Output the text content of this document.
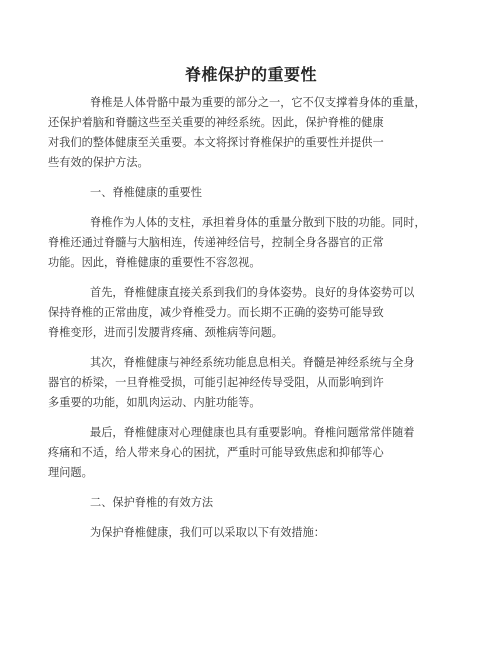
脊椎保护的重要性
脊椎是人体骨骼中最为重要的部分之一，它不仅支撑着身体的重量，
还保护着脑和脊髓这些至关重要的神经系统。因此，保护脊椎的健康
对我们的整体健康至关重要。本文将探讨脊椎保护的重要性并提供一
些有效的保护方法。
一、脊椎健康的重要性
脊椎作为人体的支柱，承担着身体的重量分散到下肢的功能。同时，
脊椎还通过脊髓与大脑相连，传递神经信号，控制全身各器官的正常
功能。因此，脊椎健康的重要性不容忽视。
首先，脊椎健康直接关系到我们的身体姿势。良好的身体姿势可以
保持脊椎的正常曲度，减少脊椎受力。而长期不正确的姿势可能导致
脊椎变形，进而引发腰背疼痛、颈椎病等问题。
其次，脊椎健康与神经系统功能息息相关。脊髓是神经系统与全身
器官的桥梁，一旦脊椎受损，可能引起神经传导受阻，从而影响到许
多重要的功能，如肌肉运动、内脏功能等。
最后，脊椎健康对心理健康也具有重要影响。脊椎问题常常伴随着
疼痛和不适，给人带来身心的困扰，严重时可能导致焦虑和抑郁等心
理问题。
二、保护脊椎的有效方法
为保护脊椎健康，我们可以采取以下有效措施：
